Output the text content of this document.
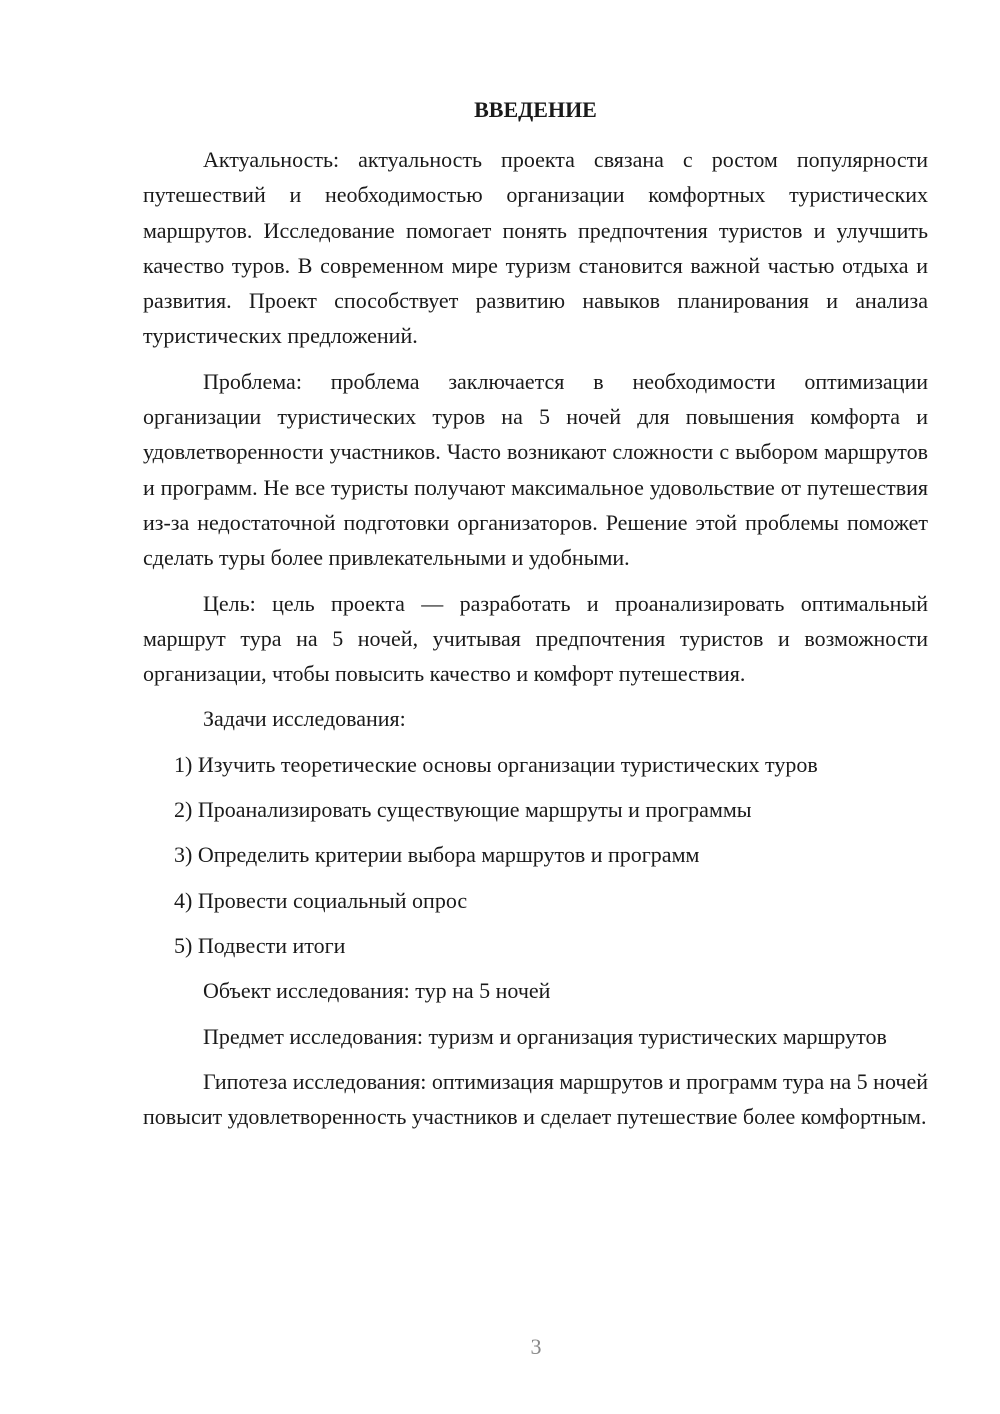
ВВЕДЕНИЕ

Актуальность: актуальность проекта связана с ростом популярности путешествий и необходимостью организации комфортных туристических маршрутов. Исследование помогает понять предпочтения туристов и улучшить качество туров. В современном мире туризм становится важной частью отдыха и развития. Проект способствует развитию навыков планирования и анализа туристических предложений.

Проблема: проблема заключается в необходимости оптимизации организации туристических туров на 5 ночей для повышения комфорта и удовлетворенности участников. Часто возникают сложности с выбором маршрутов и программ. Не все туристы получают максимальное удовольствие от путешествия из-за недостаточной подготовки организаторов. Решение этой проблемы поможет сделать туры более привлекательными и удобными.

Цель: цель проекта — разработать и проанализировать оптимальный маршрут тура на 5 ночей, учитывая предпочтения туристов и возможности организации, чтобы повысить качество и комфорт путешествия.

Задачи исследования:

1) Изучить теоретические основы организации туристических туров

2) Проанализировать существующие маршруты и программы

3) Определить критерии выбора маршрутов и программ

4) Провести социальный опрос

5) Подвести итоги

Объект исследования: тур на 5 ночей

Предмет исследования: туризм и организация туристических маршрутов

Гипотеза исследования: оптимизация маршрутов и программ тура на 5 ночей повысит удовлетворенность участников и сделает путешествие более комфортным.

3
